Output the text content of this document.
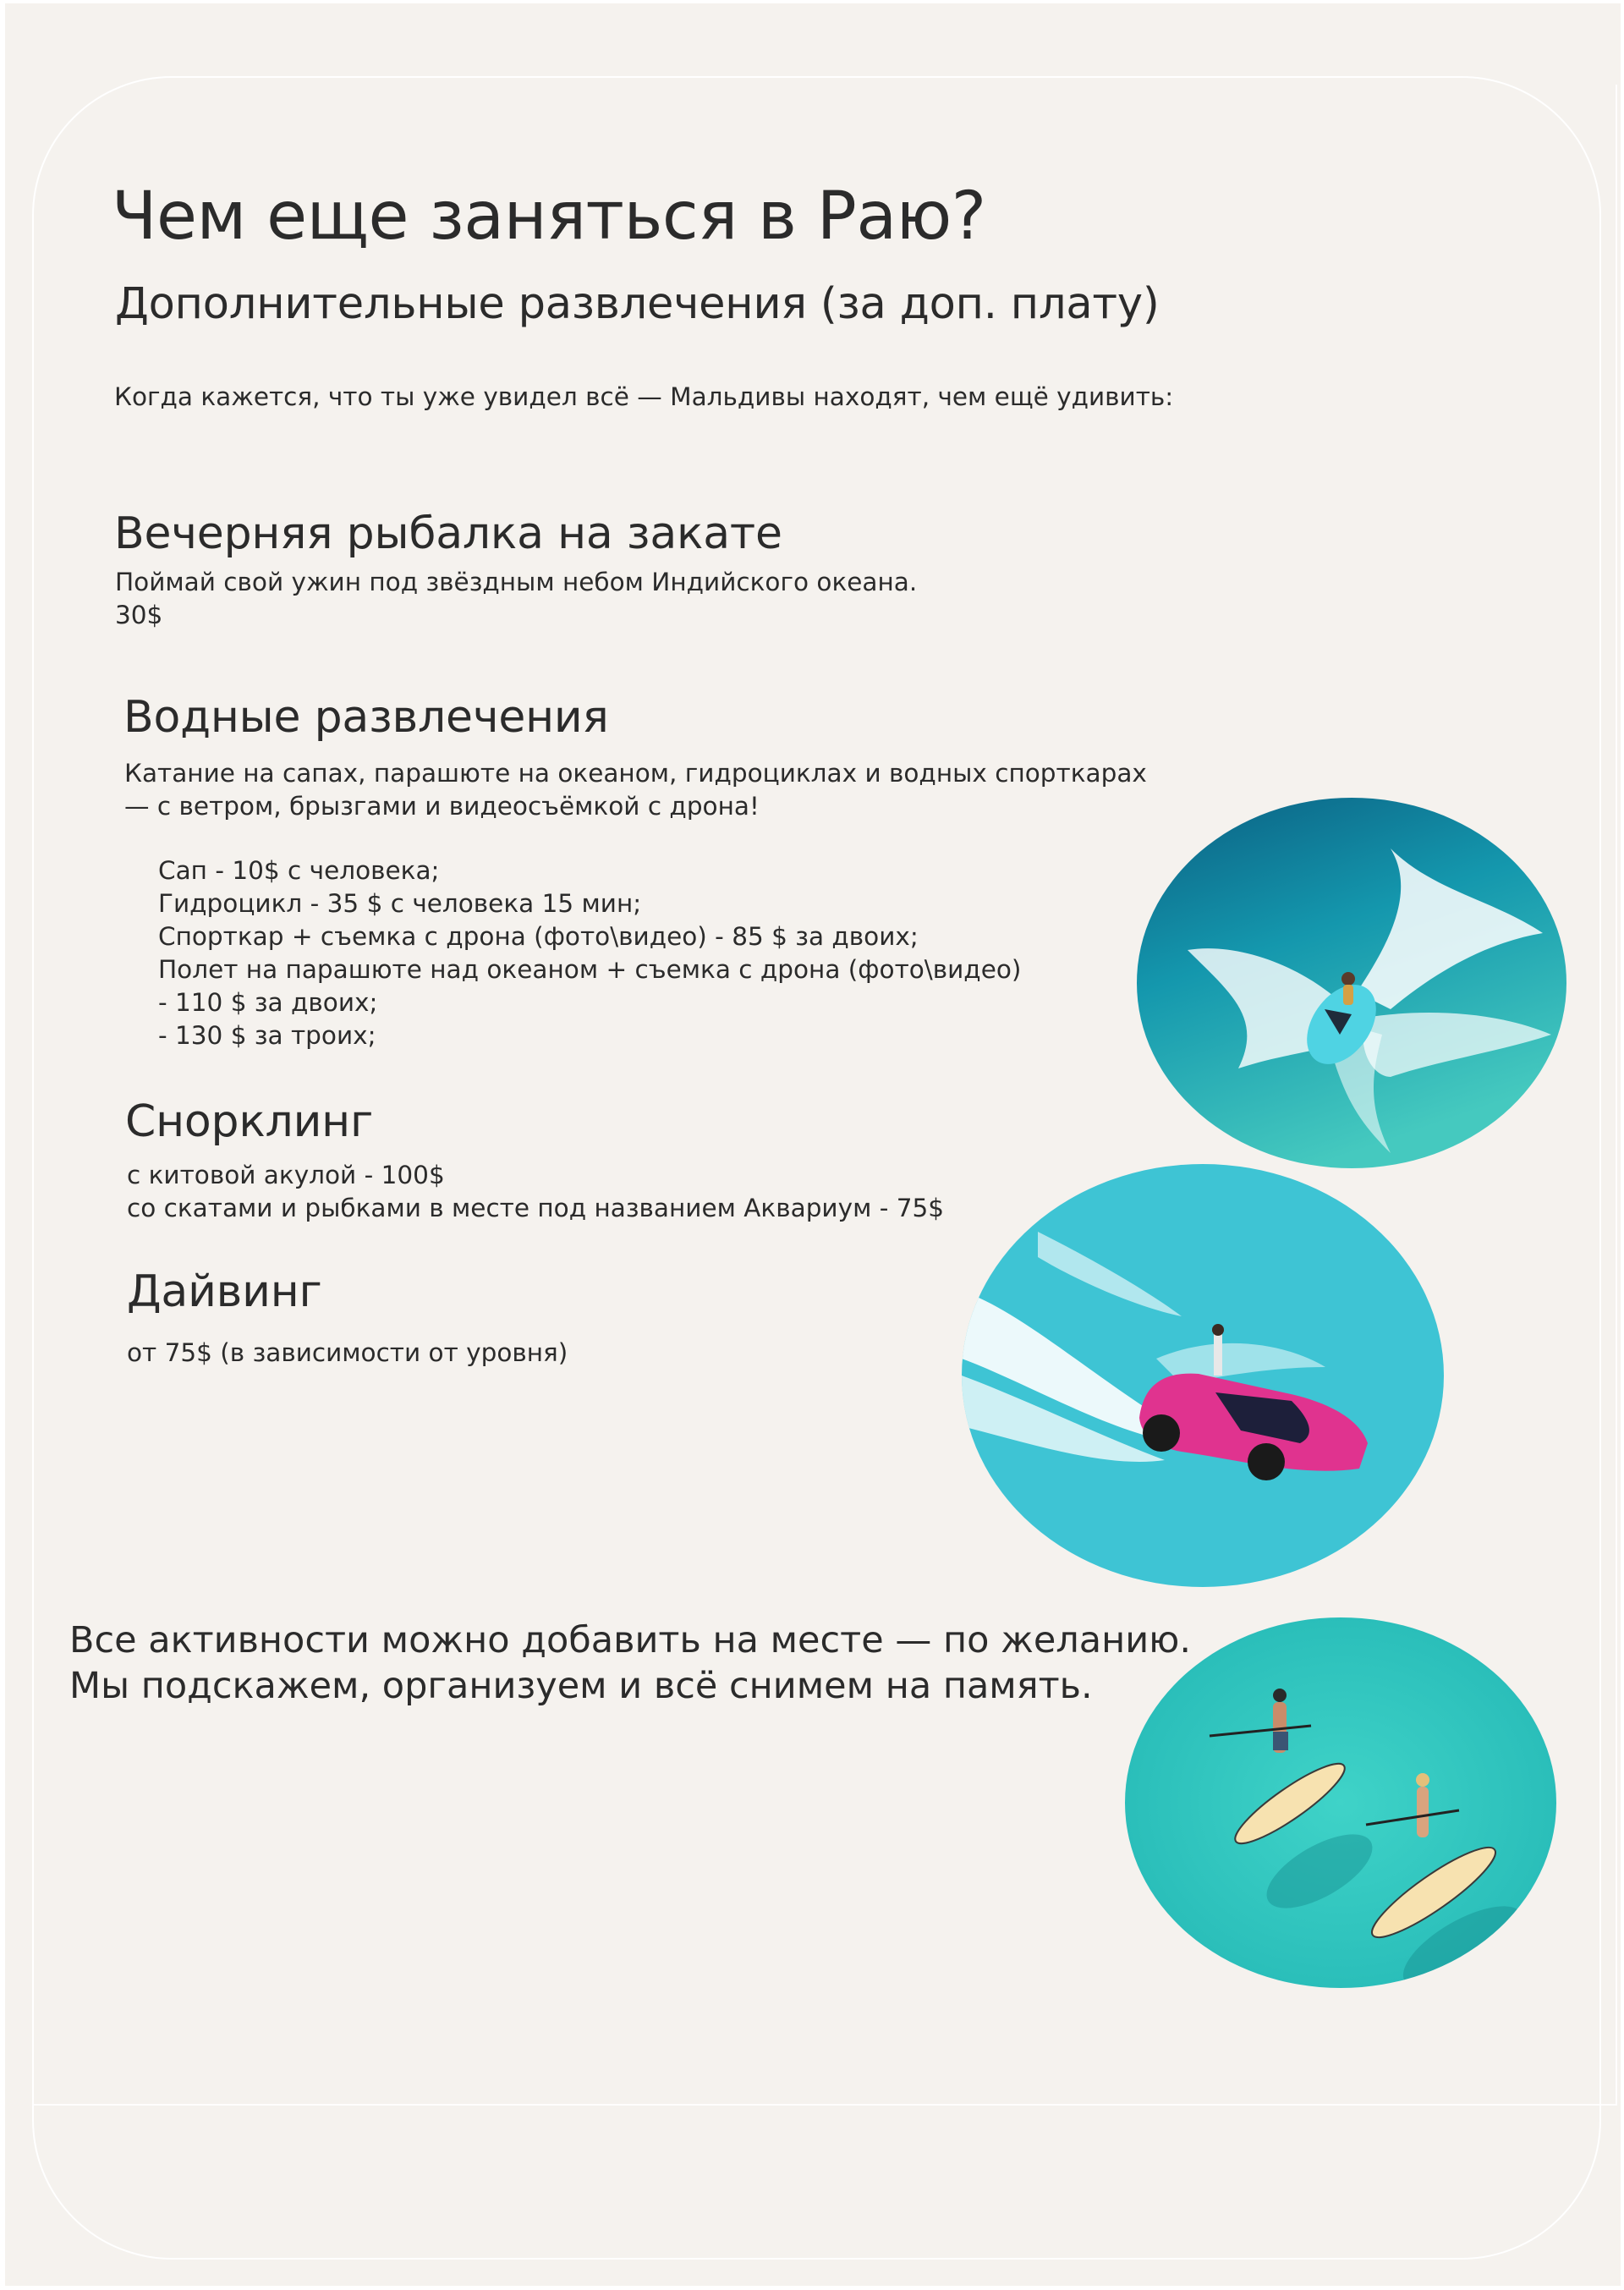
Чем еще заняться в Раю?
Дополнительные развлечения (за доп. плату)

Когда кажется, что ты уже увидел всё — Мальдивы находят, чем ещё удивить:

Вечерняя рыбалка на закате

Поймай свой ужин под звёздным небом Индийского океана.

30$

Водные развлечения

Катание на сапах, парашюте на океаном, гидроциклах и водных спорткарах

— с ветром, брызгами и видеосъёмкой с дрона!

Сап - 10$ с человека;

Гидроцикл - 35 $ с человека 15 мин;

Спорткар + съемка с дрона (фото\видео) - 85 $ за двоих;

Полет на парашюте над океаном + съемка с дрона (фото\видео)

- 110 $ за двоих;

- 130 $ за троих;

Снорклинг

с китовой акулой - 100$

со скатами и рыбками в месте под названием Аквариум - 75$

Дайвинг

от 75$ (в зависимости от уровня)

Все активности можно добавить на месте — по желанию.

Мы подскажем, организуем и всё снимем на память.
